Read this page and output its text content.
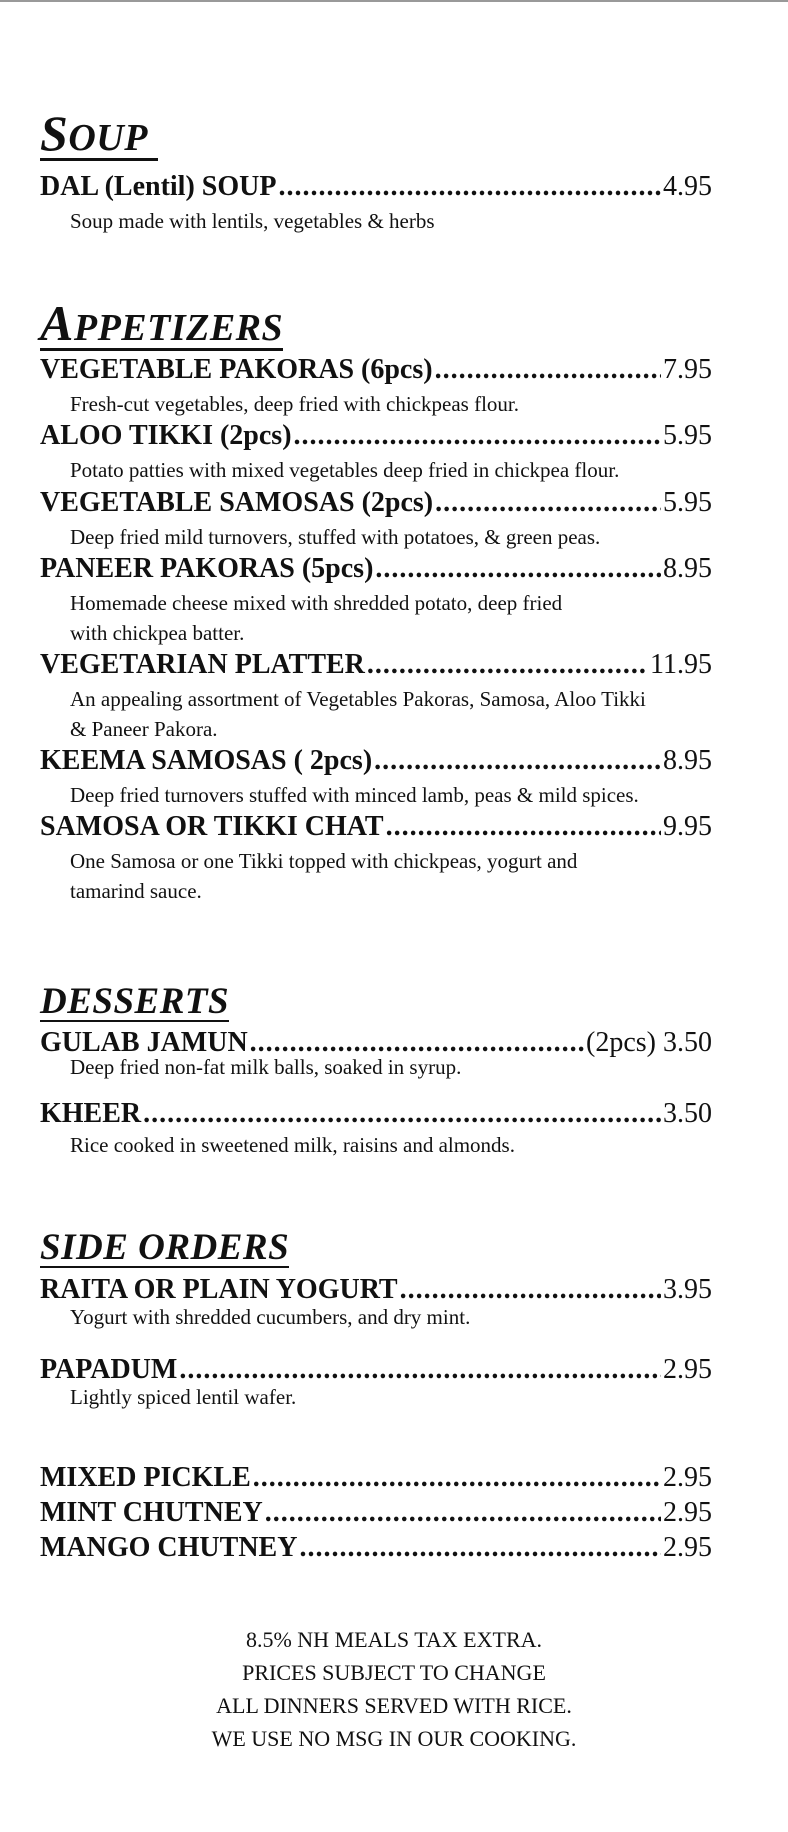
SOUP
DAL (Lentil) SOUP .....	4.95
Soup made with lentils, vegetables & herbs
APPETIZERS
VEGETABLE PAKORAS (6pcs) .....	7.95
Fresh-cut vegetables, deep fried with chickpeas flour.
ALOO TIKKI (2pcs) .....	5.95
Potato patties with mixed vegetables deep fried in chickpea flour.
VEGETABLE SAMOSAS (2pcs) .....	5.95
Deep fried mild turnovers, stuffed with potatoes, & green peas.
PANEER PAKORAS (5pcs) .....	8.95
Homemade cheese mixed with shredded potato, deep fried
with chickpea batter.
VEGETARIAN PLATTER .....	11.95
An appealing assortment of Vegetables Pakoras, Samosa, Aloo Tikki
& Paneer Pakora.
KEEMA SAMOSAS ( 2pcs) .....	8.95
Deep fried turnovers stuffed with minced lamb, peas & mild spices.
SAMOSA OR TIKKI CHAT .....	9.95
One Samosa or one Tikki topped with chickpeas, yogurt and
tamarind sauce.
DESSERTS
GULAB JAMUN .....	(2pcs) 3.50
Deep fried non-fat milk balls, soaked in syrup.
KHEER .....	3.50
Rice cooked in sweetened milk, raisins and almonds.
SIDE ORDERS
RAITA OR PLAIN YOGURT .....	3.95
Yogurt with shredded cucumbers, and dry mint.
PAPADUM .....	2.95
Lightly spiced lentil wafer.
MIXED PICKLE .....	2.95
MINT CHUTNEY .....	2.95
MANGO CHUTNEY .....	2.95
8.5% NH MEALS TAX EXTRA.
PRICES SUBJECT TO CHANGE
ALL DINNERS SERVED WITH RICE.
WE USE NO MSG IN OUR COOKING.
